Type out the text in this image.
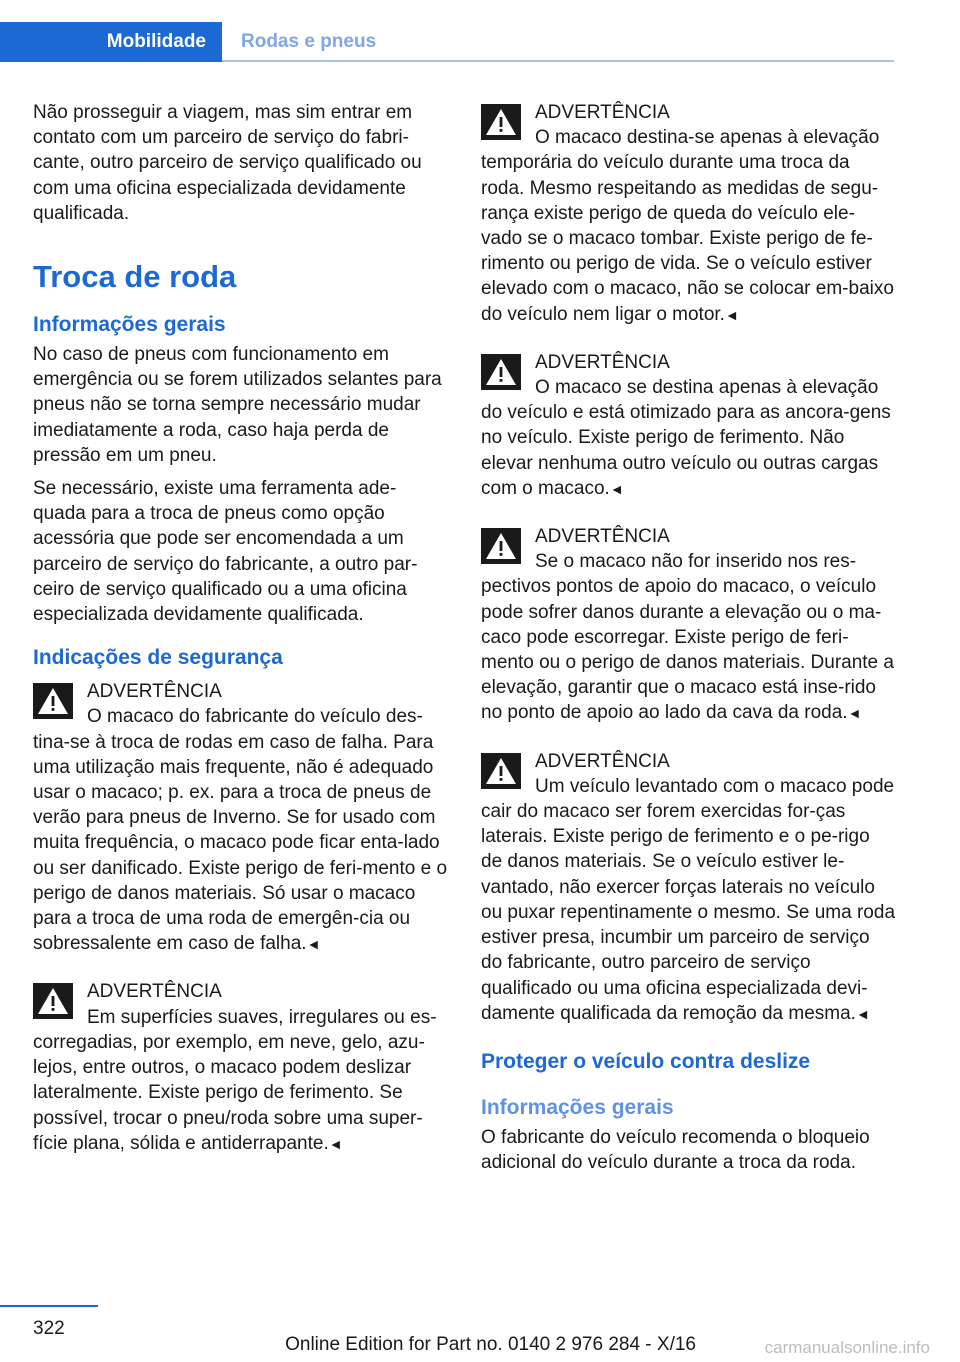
Mobilidade	Rodas e pneus

Não prosseguir a viagem, mas sim entrar em contato com um parceiro de serviço do fabri-cante, outro parceiro de serviço qualificado ou com uma oficina especializada devidamente qualificada.

Troca de roda
Informações gerais

No caso de pneus com funcionamento em emergência ou se forem utilizados selantes para pneus não se torna sempre necessário mudar imediatamente a roda, caso haja perda de pressão em um pneu.

Se necessário, existe uma ferramenta ade-quada para a troca de pneus como opção acessória que pode ser encomendada a um parceiro de serviço do fabricante, a outro par-ceiro de serviço qualificado ou a uma oficina especializada devidamente qualificada.

Indicações de segurança
ADVERTÊNCIA
O macaco do fabricante do veículo des-tina-se à troca de rodas em caso de falha. Para uma utilização mais frequente, não é adequado usar o macaco; p. ex. para a troca de pneus de verão para pneus de Inverno. Se for usado com muita frequência, o macaco pode ficar enta-lado ou ser danificado. Existe perigo de feri-mento e o perigo de danos materiais. Só usar o macaco para a troca de uma roda de emergên-cia ou sobressalente em caso de falha.◄
ADVERTÊNCIA
Em superfícies suaves, irregulares ou es-corregadias, por exemplo, em neve, gelo, azu-lejos, entre outros, o macaco podem deslizar lateralmente. Existe perigo de ferimento. Se possível, trocar o pneu/roda sobre uma super-fície plana, sólida e antiderrapante.◄
ADVERTÊNCIA
O macaco destina-se apenas à elevação temporária do veículo durante uma troca da roda. Mesmo respeitando as medidas de segu-rança existe perigo de queda do veículo ele-vado se o macaco tombar. Existe perigo de fe-rimento ou perigo de vida. Se o veículo estiver elevado com o macaco, não se colocar em-baixo do veículo nem ligar o motor.◄
ADVERTÊNCIA
O macaco se destina apenas à elevação do veículo e está otimizado para as ancora-gens no veículo. Existe perigo de ferimento. Não elevar nenhuma outro veículo ou outras cargas com o macaco.◄
ADVERTÊNCIA
Se o macaco não for inserido nos res-pectivos pontos de apoio do macaco, o veículo pode sofrer danos durante a elevação ou o ma-caco pode escorregar. Existe perigo de feri-mento ou o perigo de danos materiais. Durante a elevação, garantir que o macaco está inse-rido no ponto de apoio ao lado da cava da roda.◄
ADVERTÊNCIA
Um veículo levantado com o macaco pode cair do macaco ser forem exercidas for-ças laterais. Existe perigo de ferimento e o pe-rigo de danos materiais. Se o veículo estiver le-vantado, não exercer forças laterais no veículo ou puxar repentinamente o mesmo. Se uma roda estiver presa, incumbir um parceiro de serviço do fabricante, outro parceiro de serviço qualificado ou uma oficina especializada devi-damente qualificada da remoção da mesma.◄
Proteger o veículo contra deslize
Informações gerais

O fabricante do veículo recomenda o bloqueio adicional do veículo durante a troca da roda.

322
Online Edition for Part no. 0140 2 976 284 - X/16	carmanualsonline.info
